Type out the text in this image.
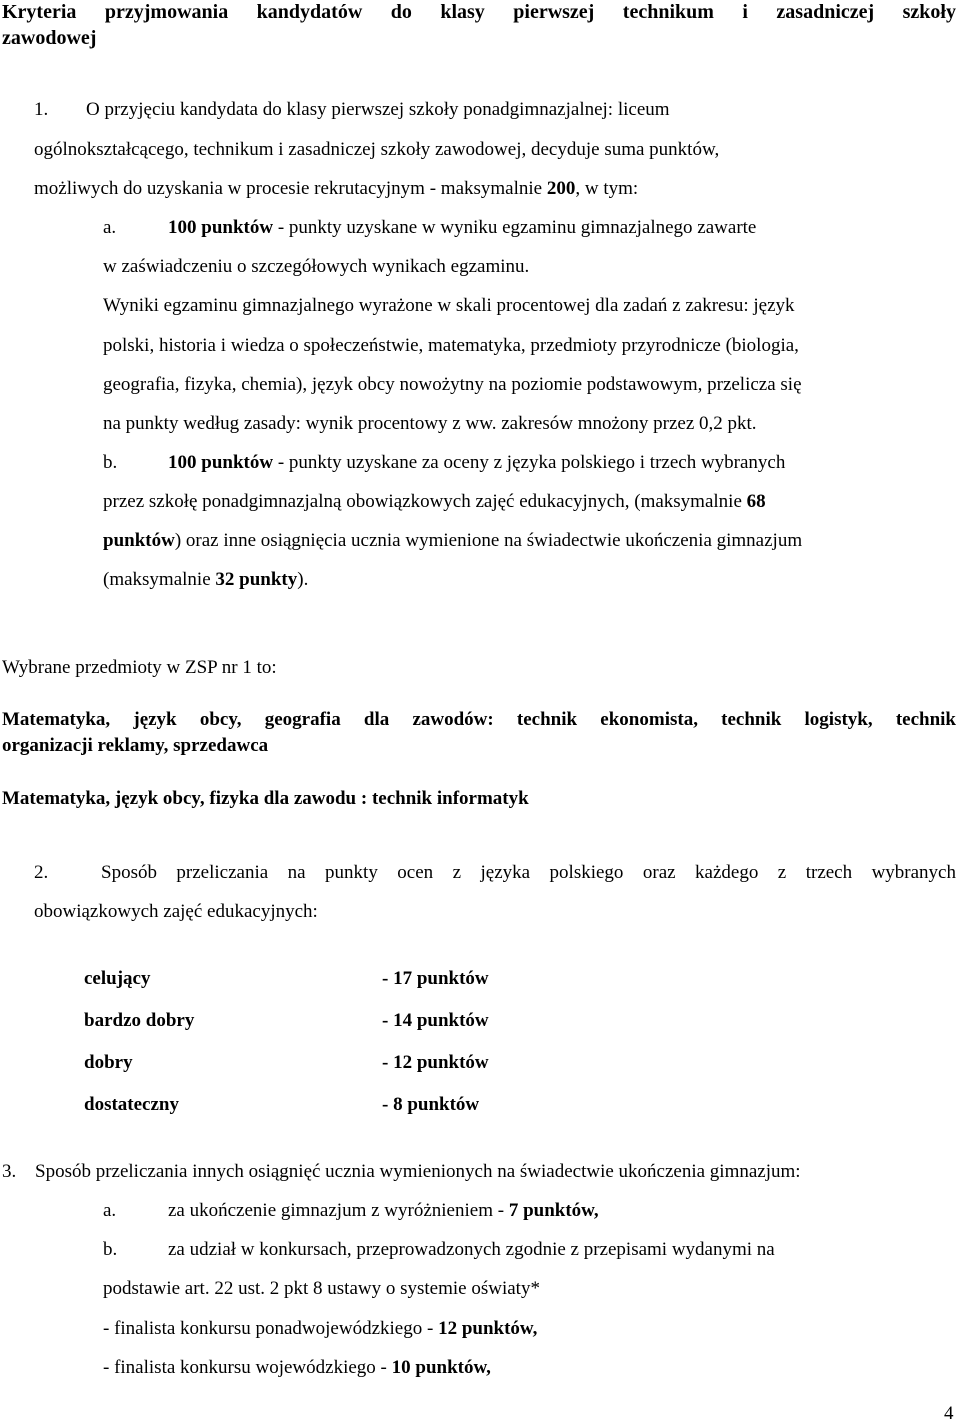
Kryteria przyjmowania kandydatów do klasy pierwszej technikum i zasadniczej szkoły
zawodowej
1. O przyjęciu kandydata do klasy pierwszej szkoły ponadgimnazjalnej: liceum
ogólnokształcącego, technikum i zasadniczej szkoły zawodowej, decyduje suma punktów,
możliwych do uzyskania w procesie rekrutacyjnym - maksymalnie 200, w tym:
a.	100 punktów - punkty uzyskane w wyniku egzaminu gimnazjalnego zawarte
w zaświadczeniu o szczegółowych wynikach egzaminu.
Wyniki egzaminu gimnazjalnego wyrażone w skali procentowej dla zadań z zakresu: język
polski, historia i wiedza o społeczeństwie, matematyka, przedmioty przyrodnicze (biologia,
geografia, fizyka, chemia), język obcy nowożytny na poziomie podstawowym, przelicza się
na punkty według zasady: wynik procentowy z ww. zakresów mnożony przez 0,2 pkt.
b.	100 punktów - punkty uzyskane za oceny z języka polskiego i trzech wybranych
przez szkołę ponadgimnazjalną obowiązkowych zajęć edukacyjnych, (maksymalnie 68
punktów) oraz inne osiągnięcia ucznia wymienione na świadectwie ukończenia gimnazjum
(maksymalnie 32 punkty).
Wybrane przedmioty w ZSP nr 1 to:
Matematyka, język obcy, geografia dla zawodów: technik ekonomista, technik logistyk, technik
organizacji reklamy, sprzedawca
Matematyka, język obcy, fizyka dla zawodu : technik informatyk
2.	Sposób przeliczania na punkty ocen z języka polskiego oraz każdego z trzech wybranych
obowiązkowych zajęć edukacyjnych:
celujący	- 17 punktów
bardzo dobry	- 14 punktów
dobry	- 12 punktów
dostateczny	- 8 punktów
3. Sposób przeliczania innych osiągnięć ucznia wymienionych na świadectwie ukończenia gimnazjum:
a.	za ukończenie gimnazjum z wyróżnieniem - 7 punktów,
b.	za udział w konkursach, przeprowadzonych zgodnie z przepisami wydanymi na
podstawie art. 22 ust. 2 pkt 8 ustawy o systemie oświaty*
- finalista konkursu ponadwojewódzkiego - 12 punktów,
- finalista konkursu wojewódzkiego - 10 punktów,
4
